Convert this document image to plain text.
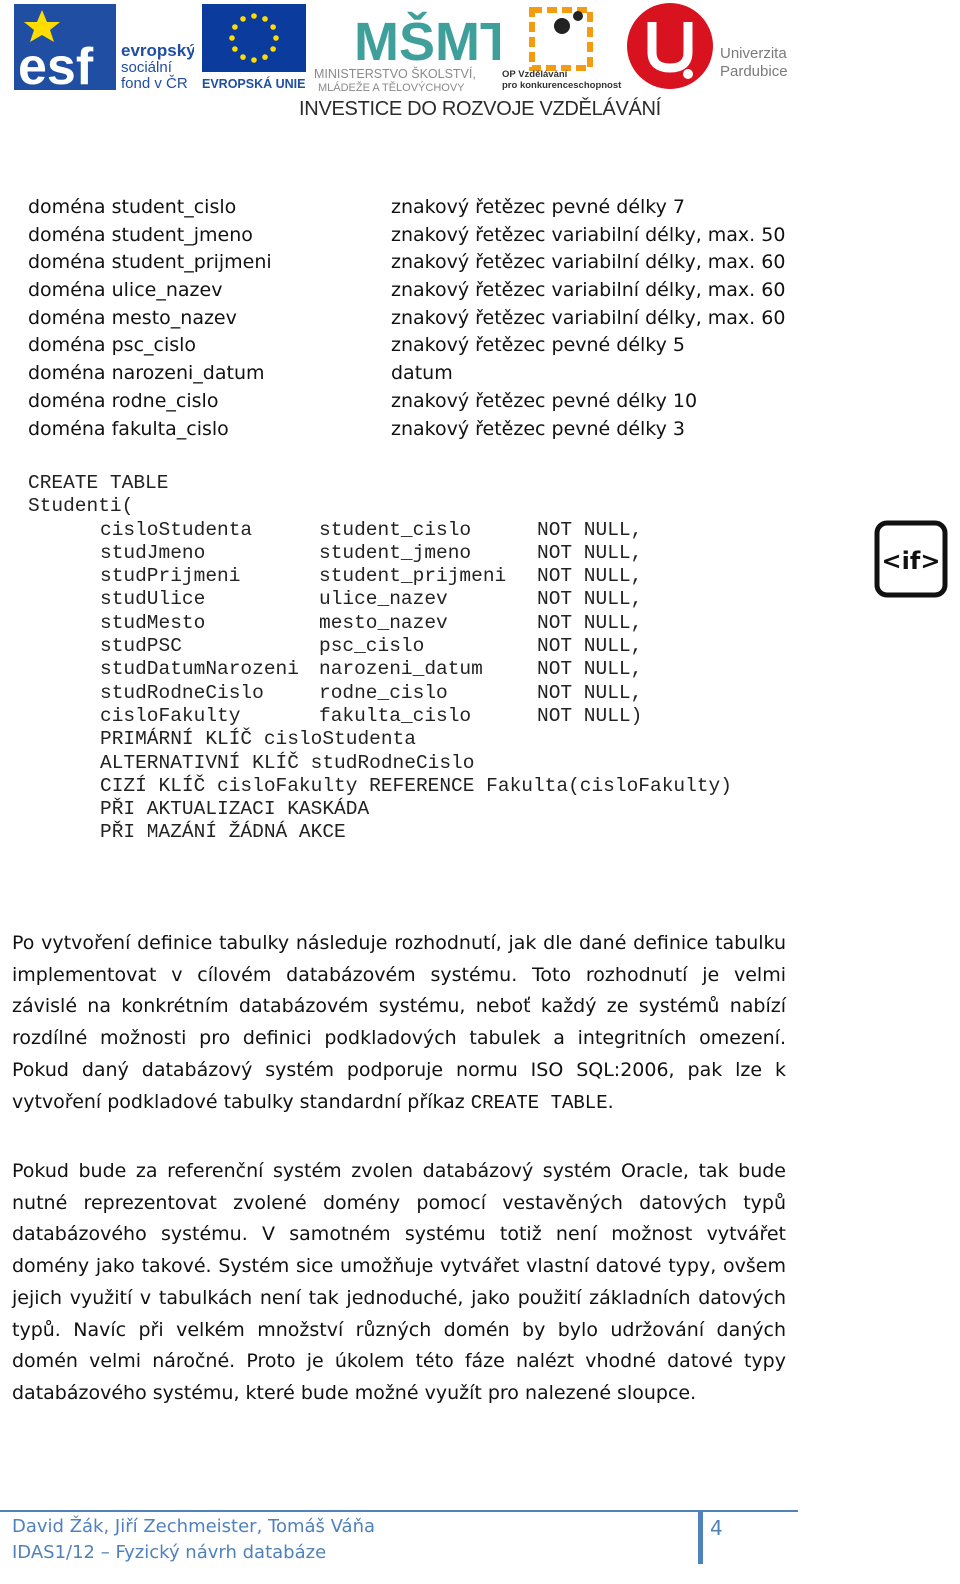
esf evropský
sociální
fond v ČR EVROPSKÁ UNIE
MŠMT
MINISTERSTVO ŠKOLSTVÍ,
MLÁDEŽE A TĚLOVÝCHOVY
OP Vzdělávání
pro konkurenceschopnost
Univerzita
Pardubice
INVESTICE DO ROZVOJE VZDĚLÁVÁNÍ
doména student_cislo	znakový řetězec pevné délky 7
doména student_jmeno	znakový řetězec variabilní délky, max. 50
doména student_prijmeni	znakový řetězec variabilní délky, max. 60
doména ulice_nazev	znakový řetězec variabilní délky, max. 60
doména mesto_nazev	znakový řetězec variabilní délky, max. 60
doména psc_cislo	znakový řetězec pevné délky 5
doména narozeni_datum	datum
doména rodne_cislo	znakový řetězec pevné délky 10
doména fakulta_cislo	znakový řetězec pevné délky 3
CREATE TABLE
Studenti(
cisloStudenta	student_cislo	NOT NULL,
studJmeno	student_jmeno	NOT NULL,
studPrijmeni	student_prijmeni NOT NULL,
studUlice	ulice_nazev	NOT NULL,
studMesto	mesto_nazev	NOT NULL,
studPSC	psc_cislo	NOT NULL,
studDatumNarozeni narozeni_datum	NOT NULL,
studRodneCislo	rodne_cislo	NOT NULL,
cisloFakulty	fakulta_cislo	NOT NULL)
PRIMÁRNÍ KLÍČ cisloStudenta
ALTERNATIVNÍ KLÍČ studRodneCislo
CIZÍ KLÍČ cisloFakulty REFERENCE Fakulta(cisloFakulty)
PŘI AKTUALIZACI KASKÁDA
PŘI MAZÁNÍ ŽÁDNÁ AKCE
<if>
Po vytvoření definice tabulky následuje rozhodnutí, jak dle dané definice tabulku implementovat v cílovém databázovém systému. Toto rozhodnutí je velmi závislé na konkrétním databázovém systému, neboť každý ze systémů nabízí rozdílné možnosti pro definici podkladových tabulek a integritních omezení. Pokud daný databázový systém podporuje normu ISO SQL:2006, pak lze k vytvoření podkladové tabulky standardní příkaz CREATE TABLE.
Pokud bude za referenční systém zvolen databázový systém Oracle, tak bude nutné reprezentovat zvolené domény pomocí vestavěných datových typů databázového systému. V samotném systému totiž není možnost vytvářet domény jako takové. Systém sice umožňuje vytvářet vlastní datové typy, ovšem jejich využití v tabulkách není tak jednoduché, jako použití základních datových typů. Navíc při velkém množství různých domén by bylo udržování daných domén velmi náročné. Proto je úkolem této fáze nalézt vhodné datové typy databázového systému, které bude možné využít pro nalezené sloupce.
David Žák, Jiří Zechmeister, Tomáš Váňa
IDAS1/12 – Fyzický návrh databáze
4
